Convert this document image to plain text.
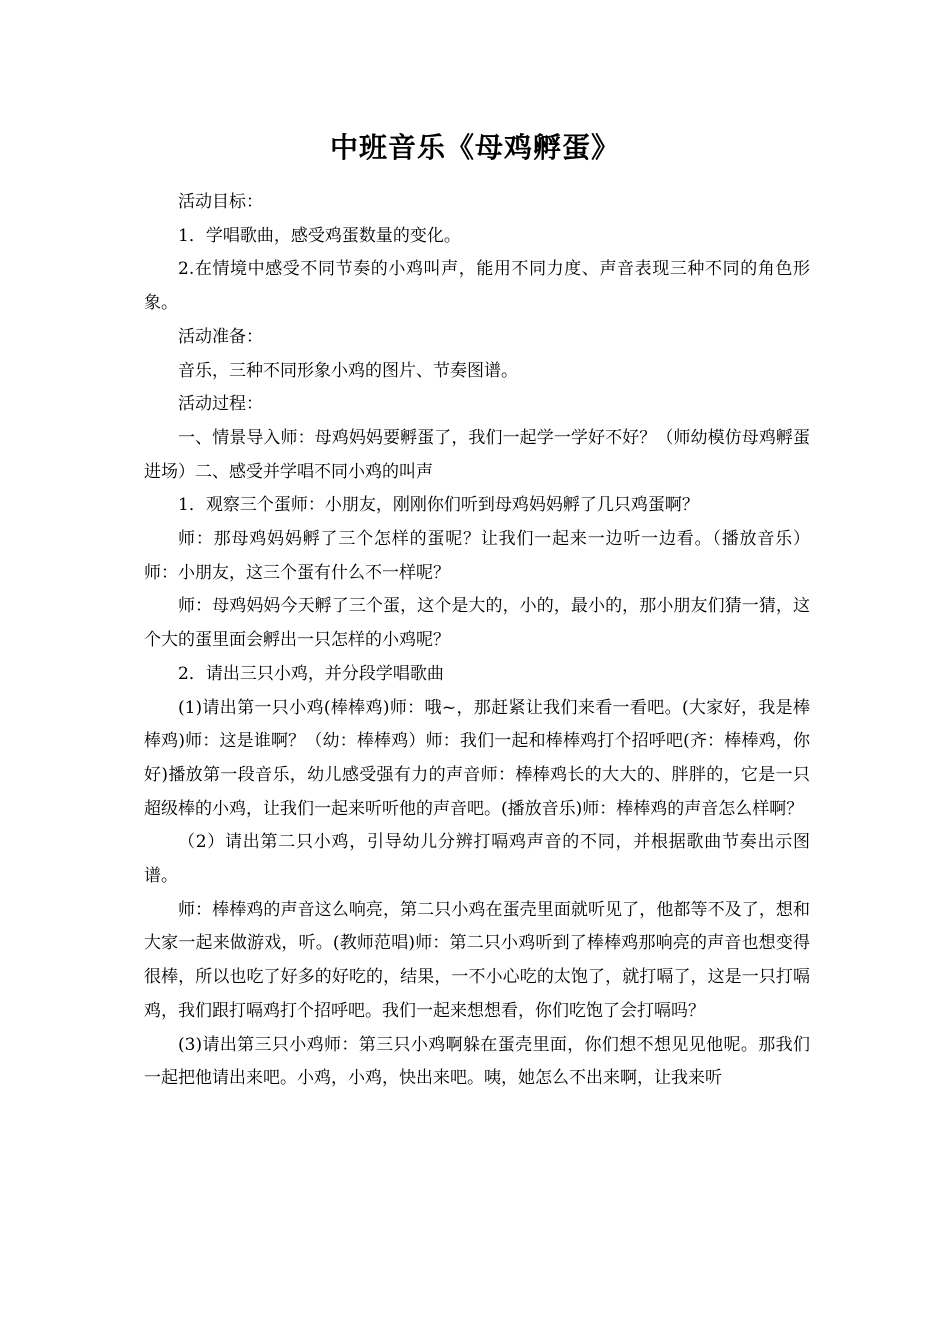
中班音乐《母鸡孵蛋》

活动目标：

1．学唱歌曲，感受鸡蛋数量的变化。

2.在情境中感受不同节奏的小鸡叫声，能用不同力度、声音表现三种不同的角色形象。

活动准备：

音乐，三种不同形象小鸡的图片、节奏图谱。

活动过程：

一、情景导入师：母鸡妈妈要孵蛋了，我们一起学一学好不好？（师幼模仿母鸡孵蛋进场）二、感受并学唱不同小鸡的叫声

1．观察三个蛋师：小朋友，刚刚你们听到母鸡妈妈孵了几只鸡蛋啊？

师：那母鸡妈妈孵了三个怎样的蛋呢？让我们一起来一边听一边看。（播放音乐）师：小朋友，这三个蛋有什么不一样呢？

师：母鸡妈妈今天孵了三个蛋，这个是大的，小的，最小的，那小朋友们猜一猜，这个大的蛋里面会孵出一只怎样的小鸡呢？

2．请出三只小鸡，并分段学唱歌曲

(1)请出第一只小鸡(棒棒鸡)师：哦~，那赶紧让我们来看一看吧。(大家好，我是棒棒鸡)师：这是谁啊？（幼：棒棒鸡）师：我们一起和棒棒鸡打个招呼吧(齐：棒棒鸡，你好)播放第一段音乐，幼儿感受强有力的声音师：棒棒鸡长的大大的、胖胖的，它是一只超级棒的小鸡，让我们一起来听听他的声音吧。(播放音乐)师：棒棒鸡的声音怎么样啊？

（2）请出第二只小鸡，引导幼儿分辨打嗝鸡声音的不同，并根据歌曲节奏出示图谱。

师：棒棒鸡的声音这么响亮，第二只小鸡在蛋壳里面就听见了，他都等不及了，想和大家一起来做游戏，听。(教师范唱)师：第二只小鸡听到了棒棒鸡那响亮的声音也想变得很棒，所以也吃了好多的好吃的，结果，一不小心吃的太饱了，就打嗝了，这是一只打嗝鸡，我们跟打嗝鸡打个招呼吧。我们一起来想想看，你们吃饱了会打嗝吗？

(3)请出第三只小鸡师：第三只小鸡啊躲在蛋壳里面，你们想不想见见他呢。那我们一起把他请出来吧。小鸡，小鸡，快出来吧。咦，她怎么不出来啊，让我来听
